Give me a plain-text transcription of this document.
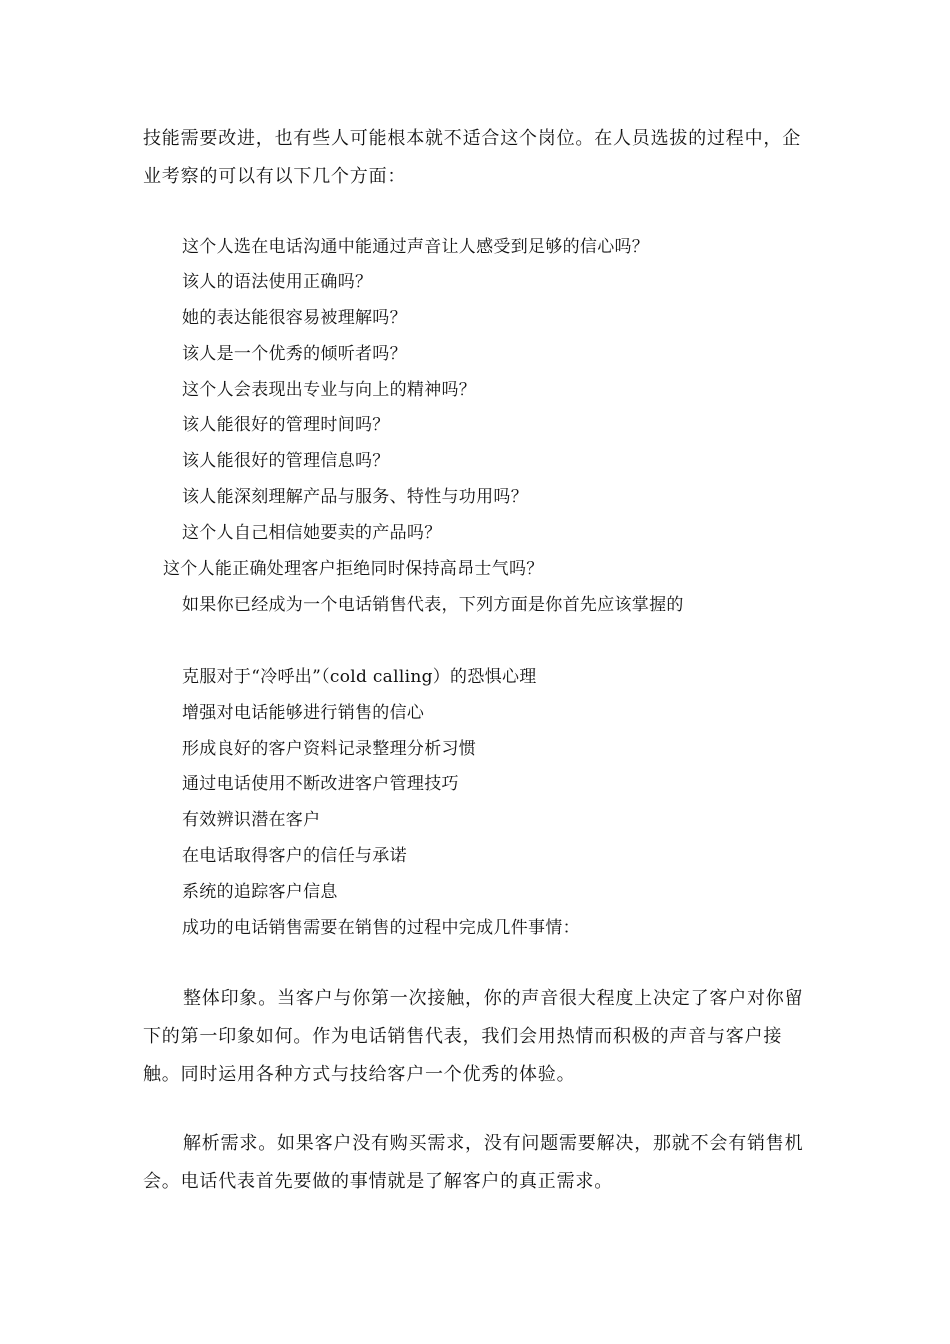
技能需要改进，也有些人可能根本就不适合这个岗位。在人员选拔的过程中，企业考察的可以有以下几个方面：
这个人选在电话沟通中能通过声音让人感受到足够的信心吗？
该人的语法使用正确吗？
她的表达能很容易被理解吗？
该人是一个优秀的倾听者吗？
这个人会表现出专业与向上的精神吗？
该人能很好的管理时间吗？
该人能很好的管理信息吗？
该人能深刻理解产品与服务、特性与功用吗？
这个人自己相信她要卖的产品吗？
这个人能正确处理客户拒绝同时保持高昂士气吗？
如果你已经成为一个电话销售代表，下列方面是你首先应该掌握的
克服对于“冷呼出”（cold calling）的恐惧心理
增强对电话能够进行销售的信心
形成良好的客户资料记录整理分析习惯
通过电话使用不断改进客户管理技巧
有效辨识潜在客户
在电话取得客户的信任与承诺
系统的追踪客户信息
成功的电话销售需要在销售的过程中完成几件事情：
整体印象。当客户与你第一次接触，你的声音很大程度上决定了客户对你留下的第一印象如何。作为电话销售代表，我们会用热情而积极的声音与客户接触。同时运用各种方式与技给客户一个优秀的体验。
解析需求。如果客户没有购买需求，没有问题需要解决，那就不会有销售机会。电话代表首先要做的事情就是了解客户的真正需求。
